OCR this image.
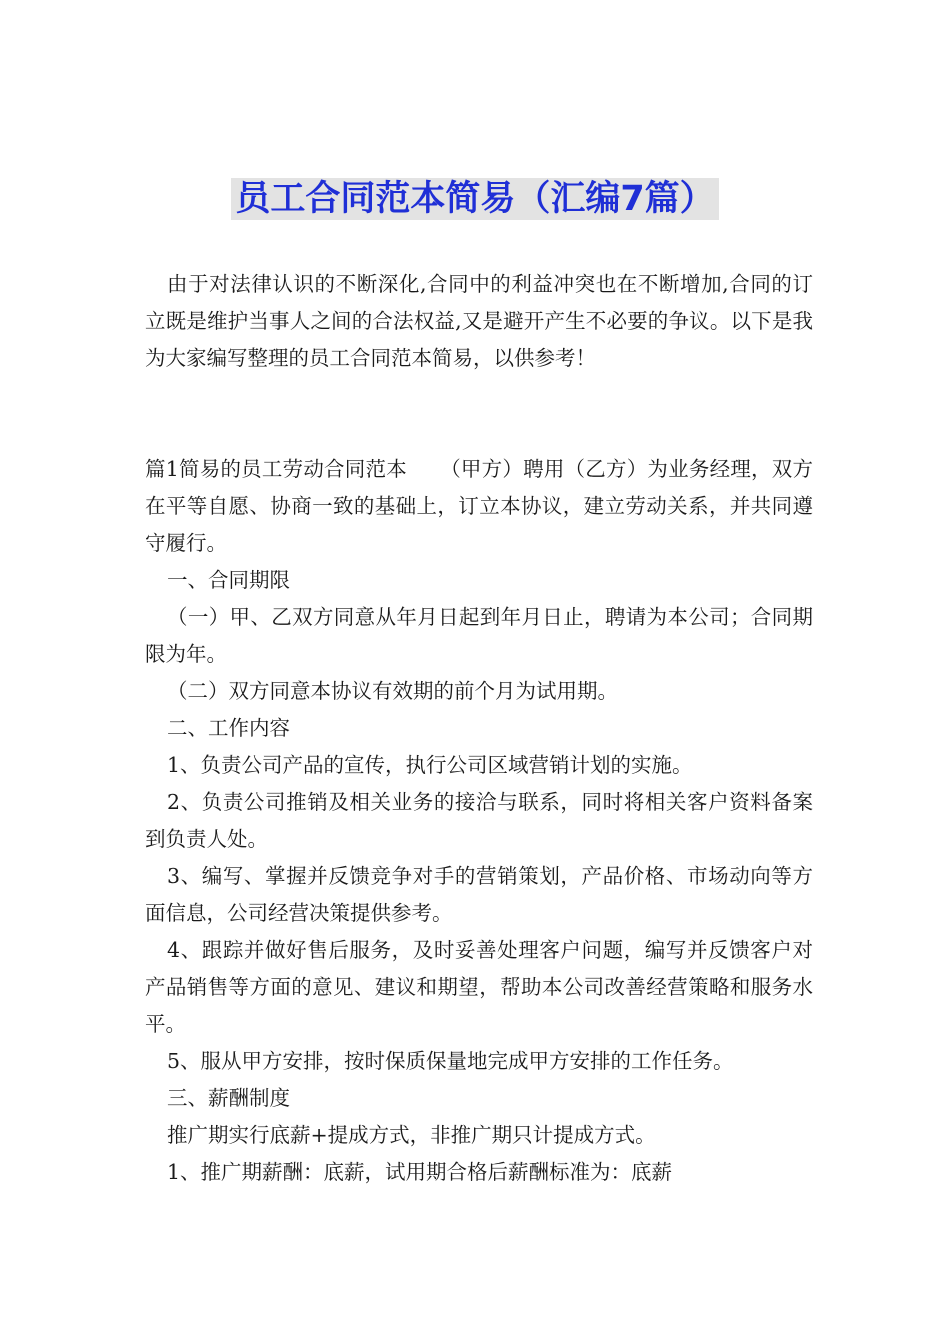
员工合同范本简易（汇编7篇）

由于对法律认识的不断深化,合同中的利益冲突也在不断增加,合同的订立既是维护当事人之间的合法权益,又是避开产生不必要的争议。以下是我为大家编写整理的员工合同范本简易，以供参考！

篇1简易的员工劳动合同范本 （甲方）聘用（乙方）为业务经理，双方在平等自愿、协商一致的基础上，订立本协议，建立劳动关系，并共同遵守履行。

一、合同期限

（一）甲、乙双方同意从年月日起到年月日止，聘请为本公司；合同期限为年。

（二）双方同意本协议有效期的前个月为试用期。

二、工作内容

1、负责公司产品的宣传，执行公司区域营销计划的实施。

2、负责公司推销及相关业务的接洽与联系，同时将相关客户资料备案到负责人处。

3、编写、掌握并反馈竞争对手的营销策划，产品价格、市场动向等方面信息，公司经营决策提供参考。

4、跟踪并做好售后服务，及时妥善处理客户问题，编写并反馈客户对产品销售等方面的意见、建议和期望，帮助本公司改善经营策略和服务水平。

5、服从甲方安排，按时保质保量地完成甲方安排的工作任务。

三、薪酬制度

推广期实行底薪+提成方式，非推广期只计提成方式。

1、推广期薪酬：底薪，试用期合格后薪酬标准为：底薪
